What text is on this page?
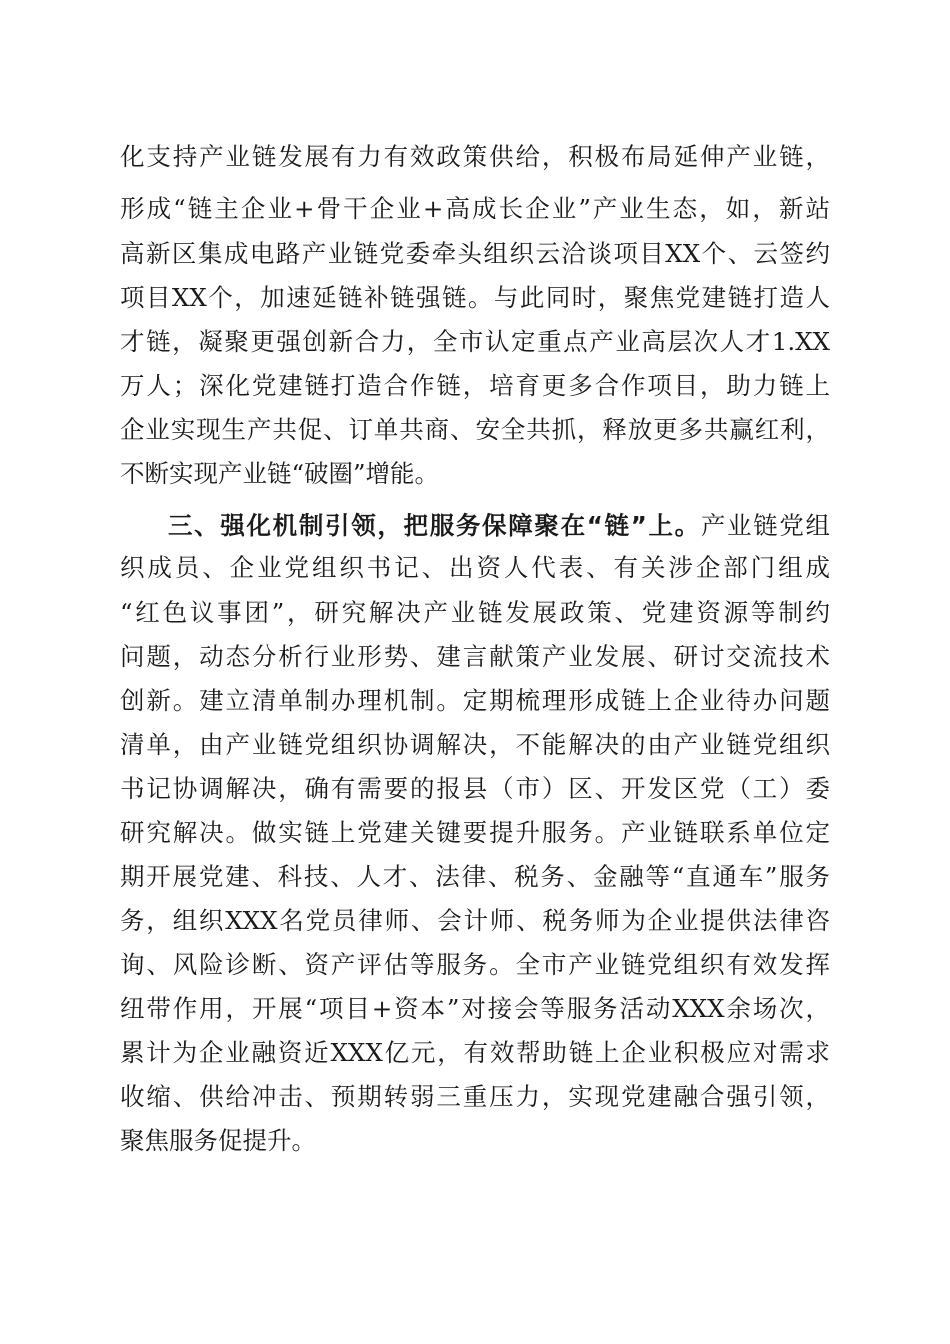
化支持产业链发展有力有效政策供给，积极布局延伸产业链，
形成“链主企业+骨干企业+高成长企业”产业生态，如，新站
高新区集成电路产业链党委牵头组织云洽谈项目XX个、云签约
项目XX个，加速延链补链强链。与此同时，聚焦党建链打造人
才链，凝聚更强创新合力，全市认定重点产业高层次人才1.XX
万人；深化党建链打造合作链，培育更多合作项目，助力链上
企业实现生产共促、订单共商、安全共抓，释放更多共赢红利，
不断实现产业链“破圈”增能。
三、强化机制引领，把服务保障聚在“链”上。产业链党组
织成员、企业党组织书记、出资人代表、有关涉企部门组成
“红色议事团”，研究解决产业链发展政策、党建资源等制约
问题，动态分析行业形势、建言献策产业发展、研讨交流技术
创新。建立清单制办理机制。定期梳理形成链上企业待办问题
清单，由产业链党组织协调解决，不能解决的由产业链党组织
书记协调解决，确有需要的报县（市）区、开发区党（工）委
研究解决。做实链上党建关键要提升服务。产业链联系单位定
期开展党建、科技、人才、法律、税务、金融等“直通车”服务
务，组织XXX名党员律师、会计师、税务师为企业提供法律咨
询、风险诊断、资产评估等服务。全市产业链党组织有效发挥
纽带作用，开展“项目+资本”对接会等服务活动XXX余场次，
累计为企业融资近XXX亿元，有效帮助链上企业积极应对需求
收缩、供给冲击、预期转弱三重压力，实现党建融合强引领，
聚焦服务促提升。
